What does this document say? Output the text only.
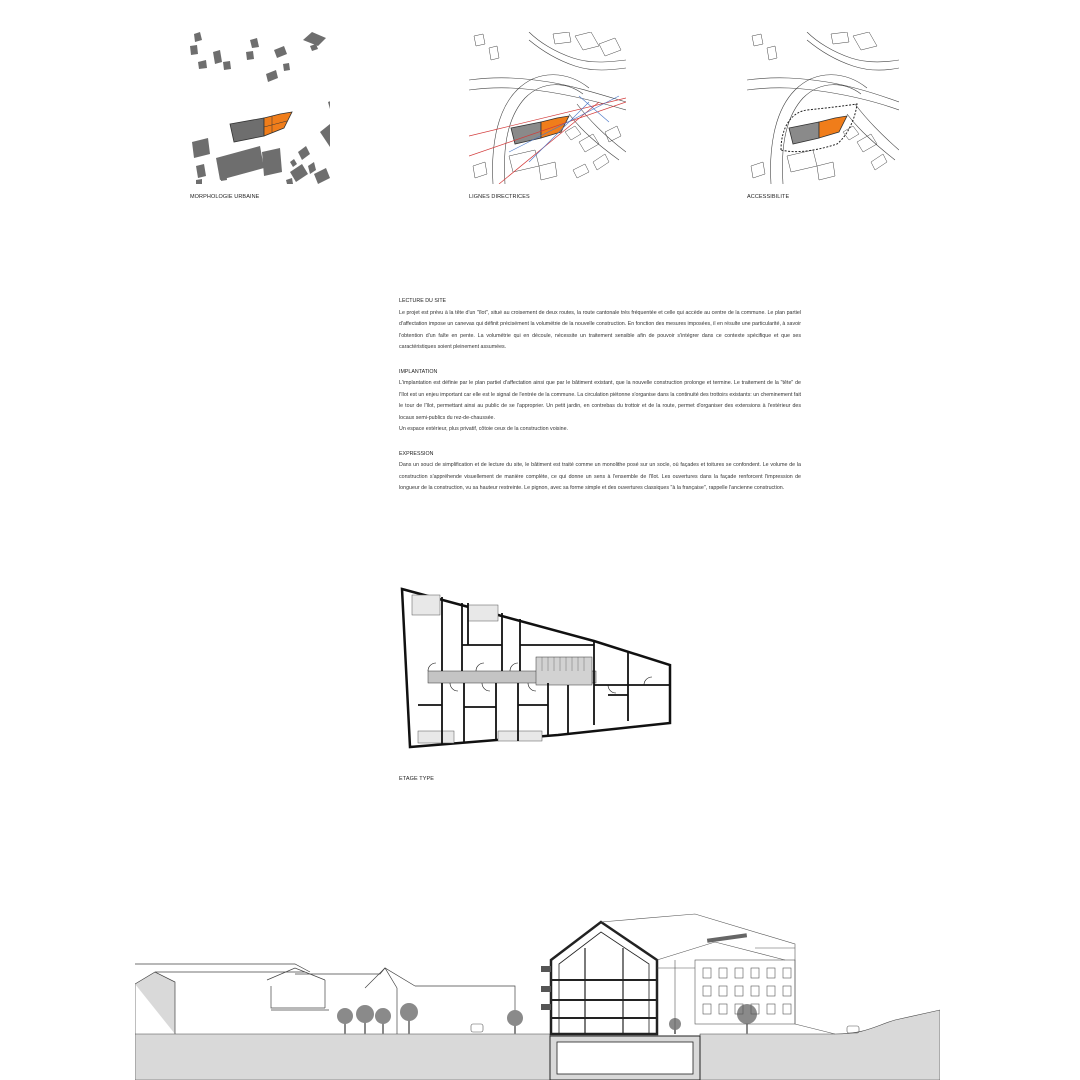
MORPHOLOGIE URBAINE	LIGNES DIRECTRICES	ACCESSIBILITE
LECTURE DU SITE

Le projet est prévu à la tête d'un "îlot", situé au croisement de deux routes, la route cantonale très fréquentée et celle qui accède au centre de la commune. Le plan partiel d'affectation impose un canevas qui définit précisément la volumétrie de la nouvelle construction. En fonction des mesures imposées, il en résulte une particularité, à savoir l'obtention d'un faîte en pente. La volumétrie qui en découle, nécessite un traitement sensible afin de pouvoir s'intégrer dans ce contexte spécifique et que ses caractéristiques soient pleinement assumées.

IMPLANTATION

L'implantation est définie par le plan partiel d'affectation ainsi que par le bâtiment existant, que la nouvelle construction prolonge et termine. Le traitement de la "tête" de l'îlot est un enjeu important car elle est le signal de l'entrée de la commune. La circulation piétonne s'organise dans la continuité des trottoirs existants: un cheminement fait le tour de l'îlot, permettant ainsi au public de se l'approprier. Un petit jardin, en contrebas du trottoir et de la route, permet d'organiser des extensions à l'extérieur des locaux semi-publics du rez-de-chaussée.

Un espace extérieur, plus privatif, côtoie ceux de la construction voisine.

EXPRESSION

Dans un souci de simplification et de lecture du site, le bâtiment est traité comme un monolithe posé sur un socle, où façades et toitures se confondent. Le volume de la construction s'appréhende visuellement de manière complète, ce qui donne un sens à l'ensemble de l'îlot. Les ouvertures dans la façade renforcent l'impression de longueur de la construction, vu sa hauteur restreinte. Le pignon, avec sa forme simple et des ouvertures classiques "à la française", rappelle l'ancienne construction.

ETAGE TYPE
